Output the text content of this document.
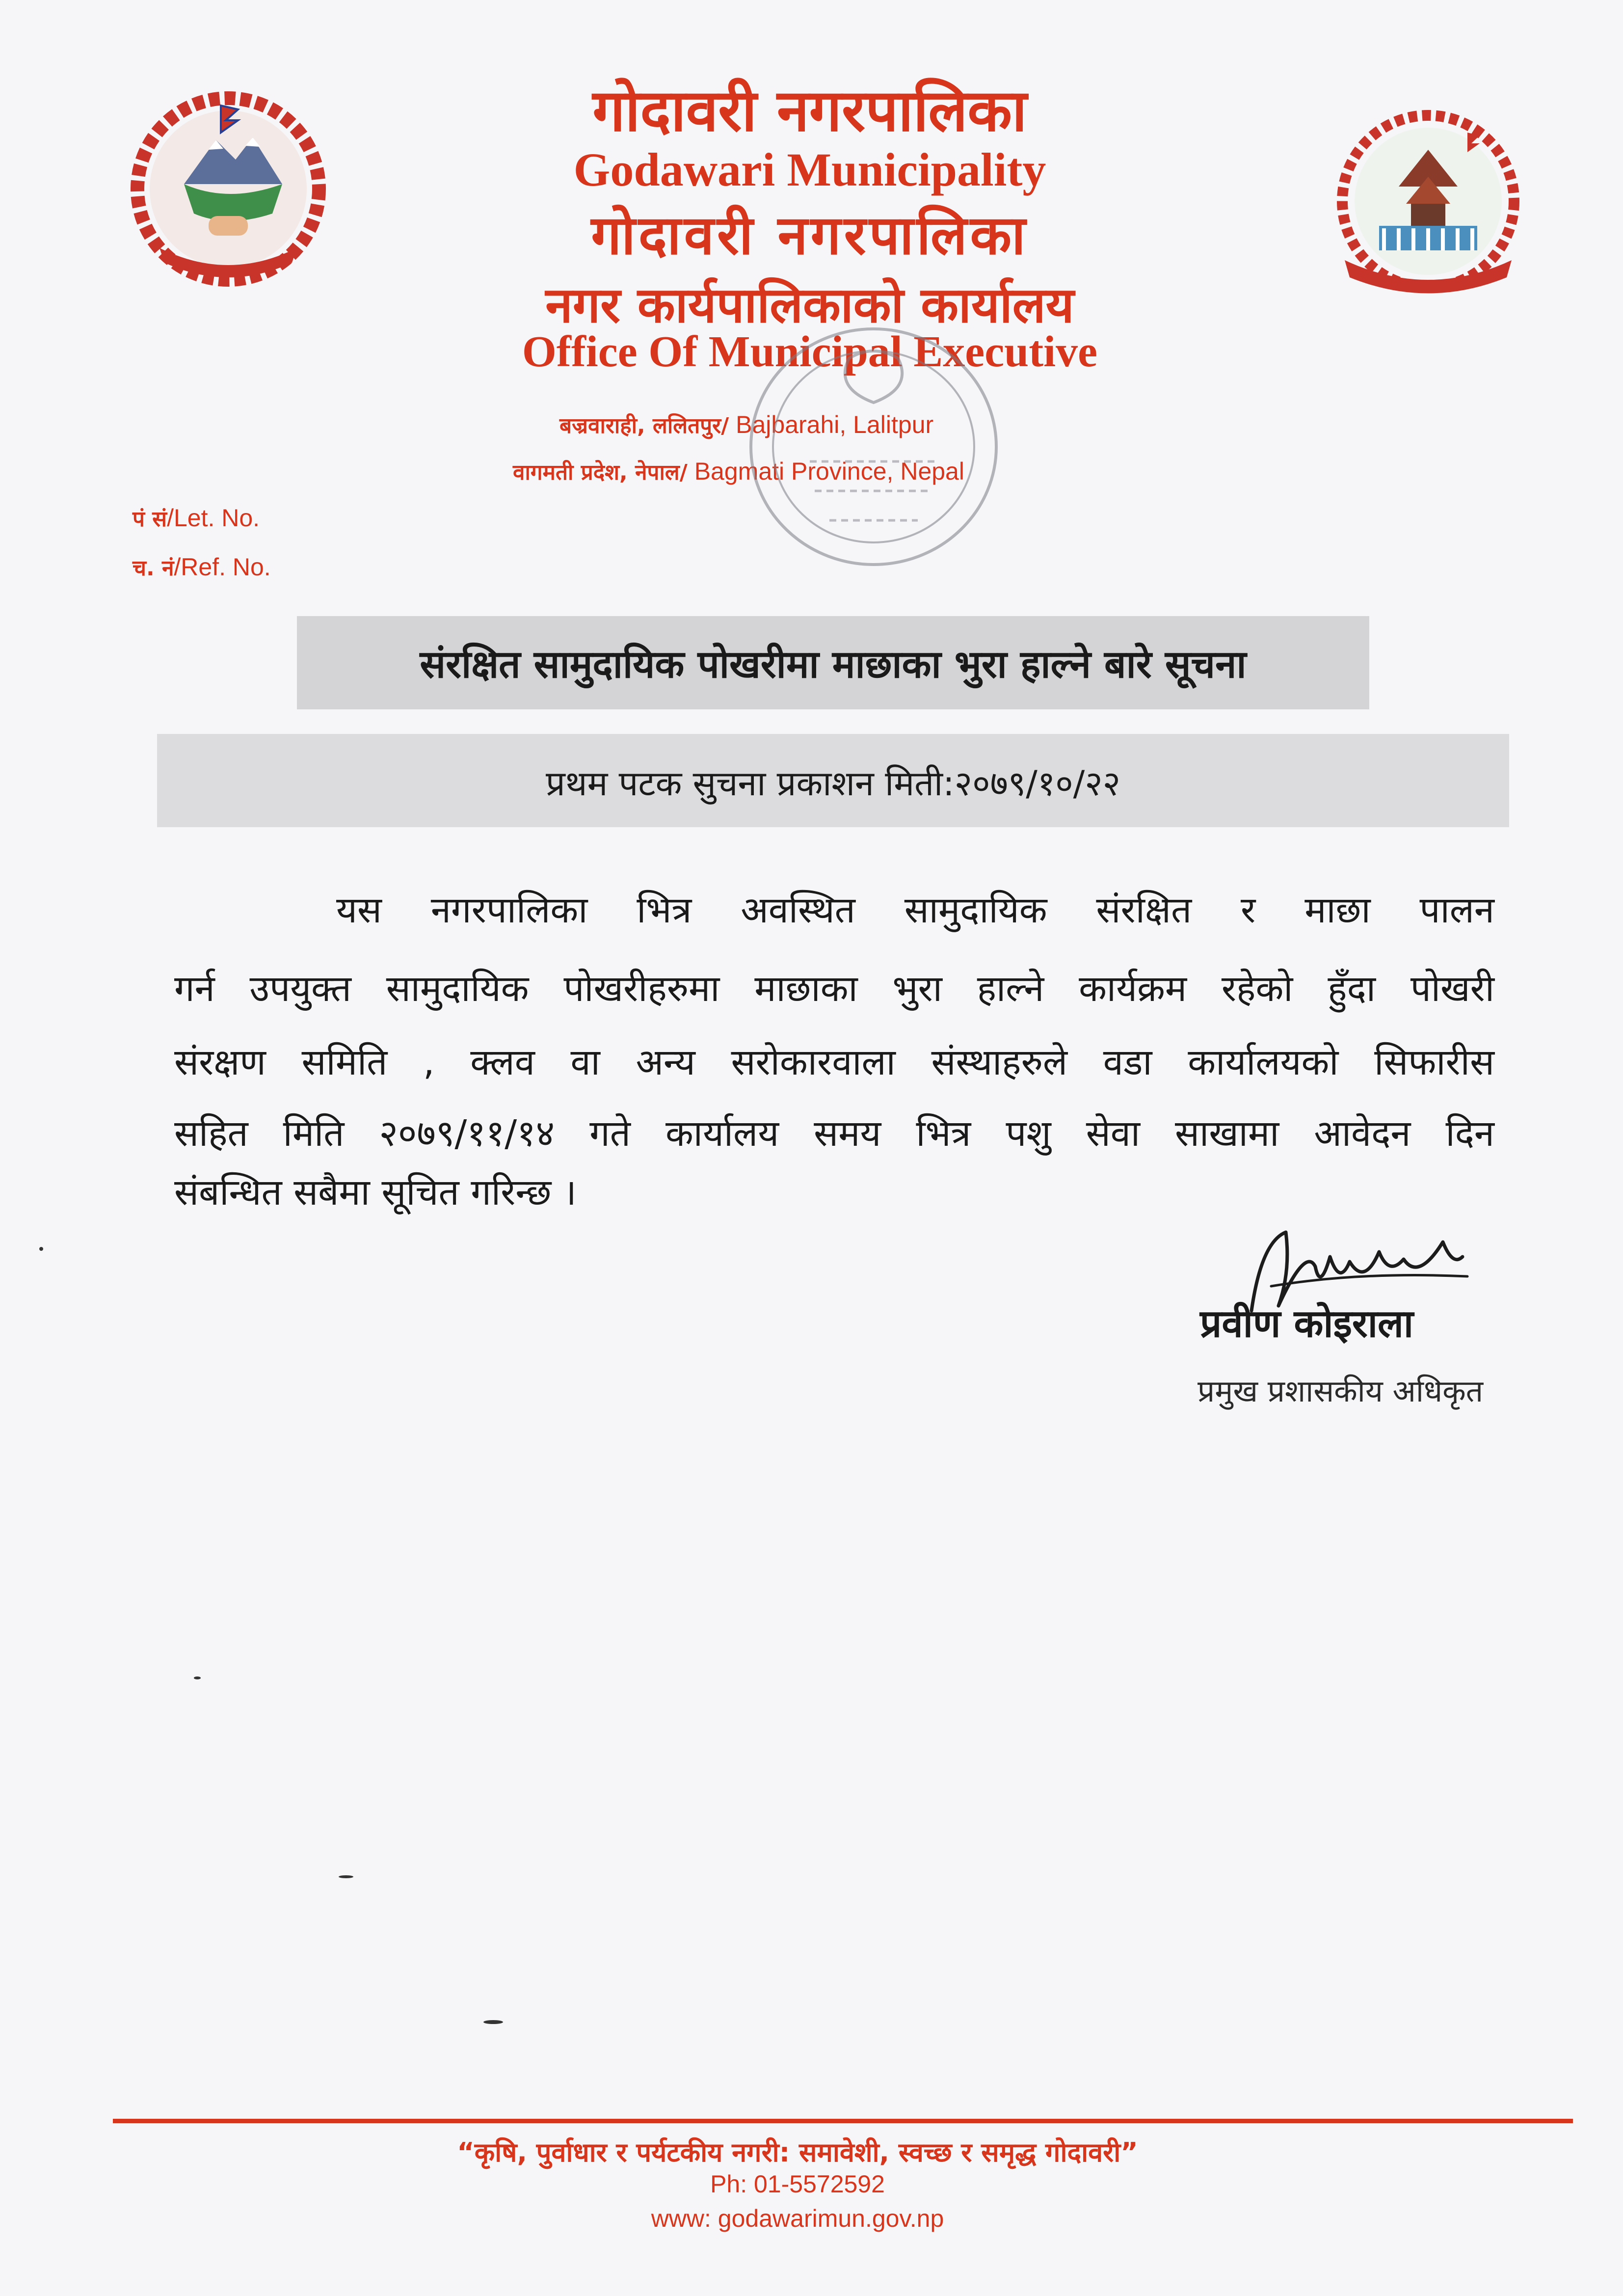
गोदावरी नगरपालिका
Godawari Municipality
गोदावरी नगरपालिका
नगर कार्यपालिकाको कार्यालय
Office Of Municipal Executive
बज्रवाराही, ललितपुर/ Bajbarahi, Lalitpur
वागमती प्रदेश, नेपाल/ Bagmati Province, Nepal
पं सं/Let. No.
च. नं/Ref. No.
संरक्षित सामुदायिक पोखरीमा माछाका भुरा हाल्ने बारे सूचना
प्रथम पटक सुचना प्रकाशन मिती:२०७९/१०/२२
यस नगरपालिका भित्र अवस्थित सामुदायिक संरक्षित र माछा पालन
गर्न उपयुक्त सामुदायिक पोखरीहरुमा माछाका भुरा हाल्ने कार्यक्रम रहेको हुँदा पोखरी
संरक्षण समिति , क्लव वा अन्य सरोकारवाला संस्थाहरुले वडा कार्यालयको सिफारीस
सहित मिति २०७९/११/१४ गते कार्यालय समय भित्र पशु सेवा साखामा आवेदन दिन
संबन्धित सबैमा सूचित गरिन्छ ।
प्रवीण कोइराला
प्रमुख प्रशासकीय अधिकृत
“कृषि, पुर्वाधार र पर्यटकीय नगरी: समावेशी, स्वच्छ र समृद्ध गोदावरी”
Ph: 01-5572592
www: godawarimun.gov.np
